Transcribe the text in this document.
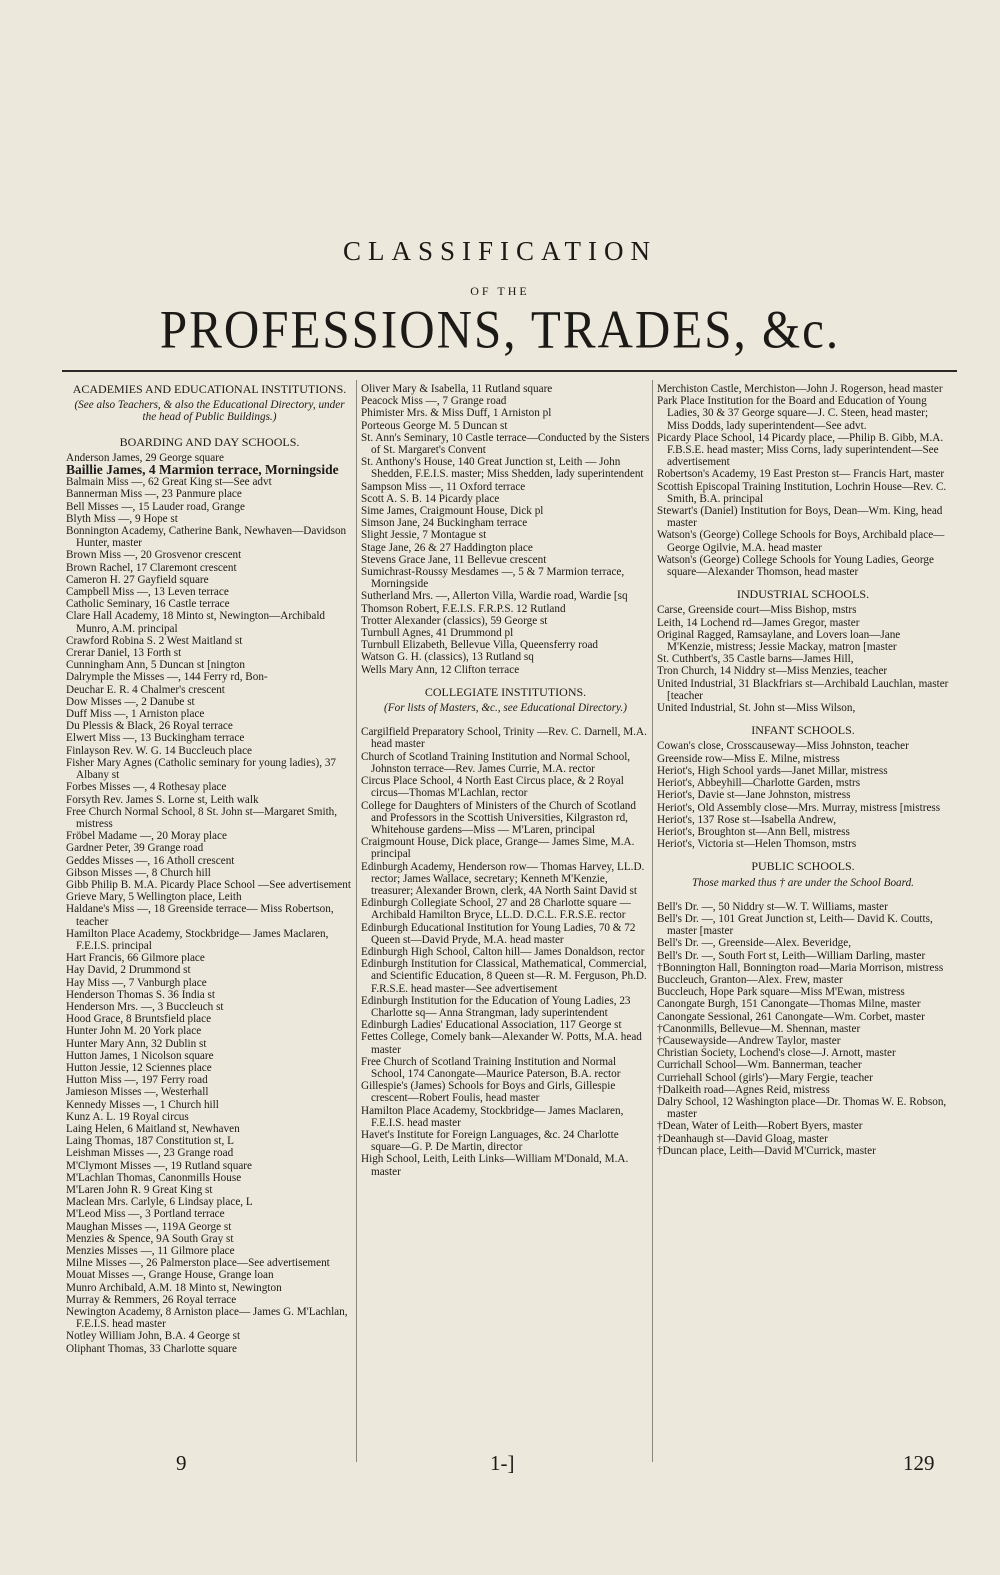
CLASSIFICATION
OF THE
PROFESSIONS, TRADES, &c.

ACADEMIES AND EDUCATIONAL INSTITUTIONS.

(See also Teachers, & also the Educational Directory, under the head of Public Buildings.)

BOARDING AND DAY SCHOOLS.

Anderson James, 29 George square

Baillie James, 4 Marmion terrace, Morningside

Balmain Miss —, 62 Great King st—See advt

Bannerman Miss —, 23 Panmure place

Bell Misses —, 15 Lauder road, Grange

Blyth Miss —, 9 Hope st

Bonnington Academy, Catherine Bank, Newhaven—Davidson Hunter, master

Brown Miss —, 20 Grosvenor crescent

Brown Rachel, 17 Claremont crescent

Cameron H. 27 Gayfield square

Campbell Miss —, 13 Leven terrace

Catholic Seminary, 16 Castle terrace

Clare Hall Academy, 18 Minto st, Newington—Archibald Munro, A.M. principal

Crawford Robina S. 2 West Maitland st

Crerar Daniel, 13 Forth st

Cunningham Ann, 5 Duncan st [nington

Dalrymple the Misses —, 144 Ferry rd, Bon-

Deuchar E. R. 4 Chalmer's crescent

Dow Misses —, 2 Danube st

Duff Miss —, 1 Arniston place

Du Plessis & Black, 26 Royal terrace

Elwert Miss —, 13 Buckingham terrace

Finlayson Rev. W. G. 14 Buccleuch place

Fisher Mary Agnes (Catholic seminary for young ladies), 37 Albany st

Forbes Misses —, 4 Rothesay place

Forsyth Rev. James S. Lorne st, Leith walk

Free Church Normal School, 8 St. John st—Margaret Smith, mistress

Fröbel Madame —, 20 Moray place

Gardner Peter, 39 Grange road

Geddes Misses —, 16 Atholl crescent

Gibson Misses —, 8 Church hill

Gibb Philip B. M.A. Picardy Place School —See advertisement

Grieve Mary, 5 Wellington place, Leith

Haldane's Miss —, 18 Greenside terrace— Miss Robertson, teacher

Hamilton Place Academy, Stockbridge— James Maclaren, F.E.I.S. principal

Hart Francis, 66 Gilmore place

Hay David, 2 Drummond st

Hay Miss —, 7 Vanburgh place

Henderson Thomas S. 36 India st

Henderson Mrs. —, 3 Buccleuch st

Hood Grace, 8 Bruntsfield place

Hunter John M. 20 York place

Hunter Mary Ann, 32 Dublin st

Hutton James, 1 Nicolson square

Hutton Jessie, 12 Sciennes place

Hutton Miss —, 197 Ferry road

Jamieson Misses —, Westerhall

Kennedy Misses —, 1 Church hill

Kunz A. L. 19 Royal circus

Laing Helen, 6 Maitland st, Newhaven

Laing Thomas, 187 Constitution st, L

Leishman Misses —, 23 Grange road

M'Clymont Misses —, 19 Rutland square

M'Lachlan Thomas, Canonmills House

M'Laren John R. 9 Great King st

Maclean Mrs. Carlyle, 6 Lindsay place, L

M'Leod Miss —, 3 Portland terrace

Maughan Misses —, 119A George st

Menzies & Spence, 9A South Gray st

Menzies Misses —, 11 Gilmore place

Milne Misses —, 26 Palmerston place—See advertisement

Mouat Misses —, Grange House, Grange loan

Munro Archibald, A.M. 18 Minto st, Newington

Murray & Remmers, 26 Royal terrace

Newington Academy, 8 Arniston place— James G. M'Lachlan, F.E.I.S. head master

Notley William John, B.A. 4 George st

Oliphant Thomas, 33 Charlotte square

Oliver Mary & Isabella, 11 Rutland square

Peacock Miss —, 7 Grange road

Phimister Mrs. & Miss Duff, 1 Arniston pl

Porteous George M. 5 Duncan st

St. Ann's Seminary, 10 Castle terrace—Conducted by the Sisters of St. Margaret's Convent

St. Anthony's House, 140 Great Junction st, Leith — John Shedden, F.E.I.S. master; Miss Shedden, lady superintendent

Sampson Miss —, 11 Oxford terrace

Scott A. S. B. 14 Picardy place

Sime James, Craigmount House, Dick pl

Simson Jane, 24 Buckingham terrace

Slight Jessie, 7 Montague st

Stage Jane, 26 & 27 Haddington place

Stevens Grace Jane, 11 Bellevue crescent

Sumichrast-Roussy Mesdames —, 5 & 7 Marmion terrace, Morningside

Sutherland Mrs. —, Allerton Villa, Wardie road, Wardie [sq

Thomson Robert, F.E.I.S. F.R.P.S. 12 Rutland

Trotter Alexander (classics), 59 George st

Turnbull Agnes, 41 Drummond pl

Turnbull Elizabeth, Bellevue Villa, Queensferry road

Watson G. H. (classics), 13 Rutland sq

Wells Mary Ann, 12 Clifton terrace

COLLEGIATE INSTITUTIONS.

(For lists of Masters, &c., see Educational Directory.)

Cargilfield Preparatory School, Trinity —Rev. C. Darnell, M.A. head master

Church of Scotland Training Institution and Normal School, Johnston terrace—Rev. James Currie, M.A. rector

Circus Place School, 4 North East Circus place, & 2 Royal circus—Thomas M'Lachlan, rector

College for Daughters of Ministers of the Church of Scotland and Professors in the Scottish Universities, Kilgraston rd, Whitehouse gardens—Miss — M'Laren, principal

Craigmount House, Dick place, Grange— James Sime, M.A. principal

Edinburgh Academy, Henderson row— Thomas Harvey, LL.D. rector; James Wallace, secretary; Kenneth M'Kenzie, treasurer; Alexander Brown, clerk, 4A North Saint David st

Edinburgh Collegiate School, 27 and 28 Charlotte square — Archibald Hamilton Bryce, LL.D. D.C.L. F.R.S.E. rector

Edinburgh Educational Institution for Young Ladies, 70 & 72 Queen st—David Pryde, M.A. head master

Edinburgh High School, Calton hill— James Donaldson, rector

Edinburgh Institution for Classical, Mathematical, Commercial, and Scientific Education, 8 Queen st—R. M. Ferguson, Ph.D. F.R.S.E. head master—See advertisement

Edinburgh Institution for the Education of Young Ladies, 23 Charlotte sq— Anna Strangman, lady superintendent

Edinburgh Ladies' Educational Association, 117 George st

Fettes College, Comely bank—Alexander W. Potts, M.A. head master

Free Church of Scotland Training Institution and Normal School, 174 Canongate—Maurice Paterson, B.A. rector

Gillespie's (James) Schools for Boys and Girls, Gillespie crescent—Robert Foulis, head master

Hamilton Place Academy, Stockbridge— James Maclaren, F.E.I.S. head master

Havet's Institute for Foreign Languages, &c. 24 Charlotte square—G. P. De Martin, director

High School, Leith, Leith Links—William M'Donald, M.A. master

Merchiston Castle, Merchiston—John J. Rogerson, head master

Park Place Institution for the Board and Education of Young Ladies, 30 & 37 George square—J. C. Steen, head master; Miss Dodds, lady superintendent—See advt.

Picardy Place School, 14 Picardy place, —Philip B. Gibb, M.A. F.B.S.E. head master; Miss Corns, lady superintendent—See advertisement

Robertson's Academy, 19 East Preston st— Francis Hart, master

Scottish Episcopal Training Institution, Lochrin House—Rev. C. Smith, B.A. principal

Stewart's (Daniel) Institution for Boys, Dean—Wm. King, head master

Watson's (George) College Schools for Boys, Archibald place—George Ogilvie, M.A. head master

Watson's (George) College Schools for Young Ladies, George square—Alexander Thomson, head master

INDUSTRIAL SCHOOLS.

Carse, Greenside court—Miss Bishop, mstrs

Leith, 14 Lochend rd—James Gregor, master

Original Ragged, Ramsaylane, and Lovers loan—Jane M'Kenzie, mistress; Jessie Mackay, matron [master

St. Cuthbert's, 35 Castle barns—James Hill,

Tron Church, 14 Niddry st—Miss Menzies, teacher

United Industrial, 31 Blackfriars st—Archibald Lauchlan, master [teacher

United Industrial, St. John st—Miss Wilson,

INFANT SCHOOLS.

Cowan's close, Crosscauseway—Miss Johnston, teacher

Greenside row—Miss E. Milne, mistress

Heriot's, High School yards—Janet Millar, mistress

Heriot's, Abbeyhill—Charlotte Garden, mstrs

Heriot's, Davie st—Jane Johnston, mistress

Heriot's, Old Assembly close—Mrs. Murray, mistress [mistress

Heriot's, 137 Rose st—Isabella Andrew,

Heriot's, Broughton st—Ann Bell, mistress

Heriot's, Victoria st—Helen Thomson, mstrs

PUBLIC SCHOOLS.

Those marked thus † are under the School Board.

Bell's Dr. —, 50 Niddry st—W. T. Williams, master

Bell's Dr. —, 101 Great Junction st, Leith— David K. Coutts, master [master

Bell's Dr. —, Greenside—Alex. Beveridge,

Bell's Dr. —, South Fort st, Leith—William Darling, master

†Bonnington Hall, Bonnington road—Maria Morrison, mistress

Buccleuch, Granton—Alex. Frew, master

Buccleuch, Hope Park square—Miss M'Ewan, mistress

Canongate Burgh, 151 Canongate—Thomas Milne, master

Canongate Sessional, 261 Canongate—Wm. Corbet, master

†Canonmills, Bellevue—M. Shennan, master

†Causewayside—Andrew Taylor, master

Christian Society, Lochend's close—J. Arnott, master

Currichall School—Wm. Bannerman, teacher

Curriehall School (girls')—Mary Fergie, teacher

†Dalkeith road—Agnes Reid, mistress

Dalry School, 12 Washington place—Dr. Thomas W. E. Robson, master

†Dean, Water of Leith—Robert Byers, master

†Deanhaugh st—David Gloag, master

†Duncan place, Leith—David M'Currick, master

9	1-]	129
